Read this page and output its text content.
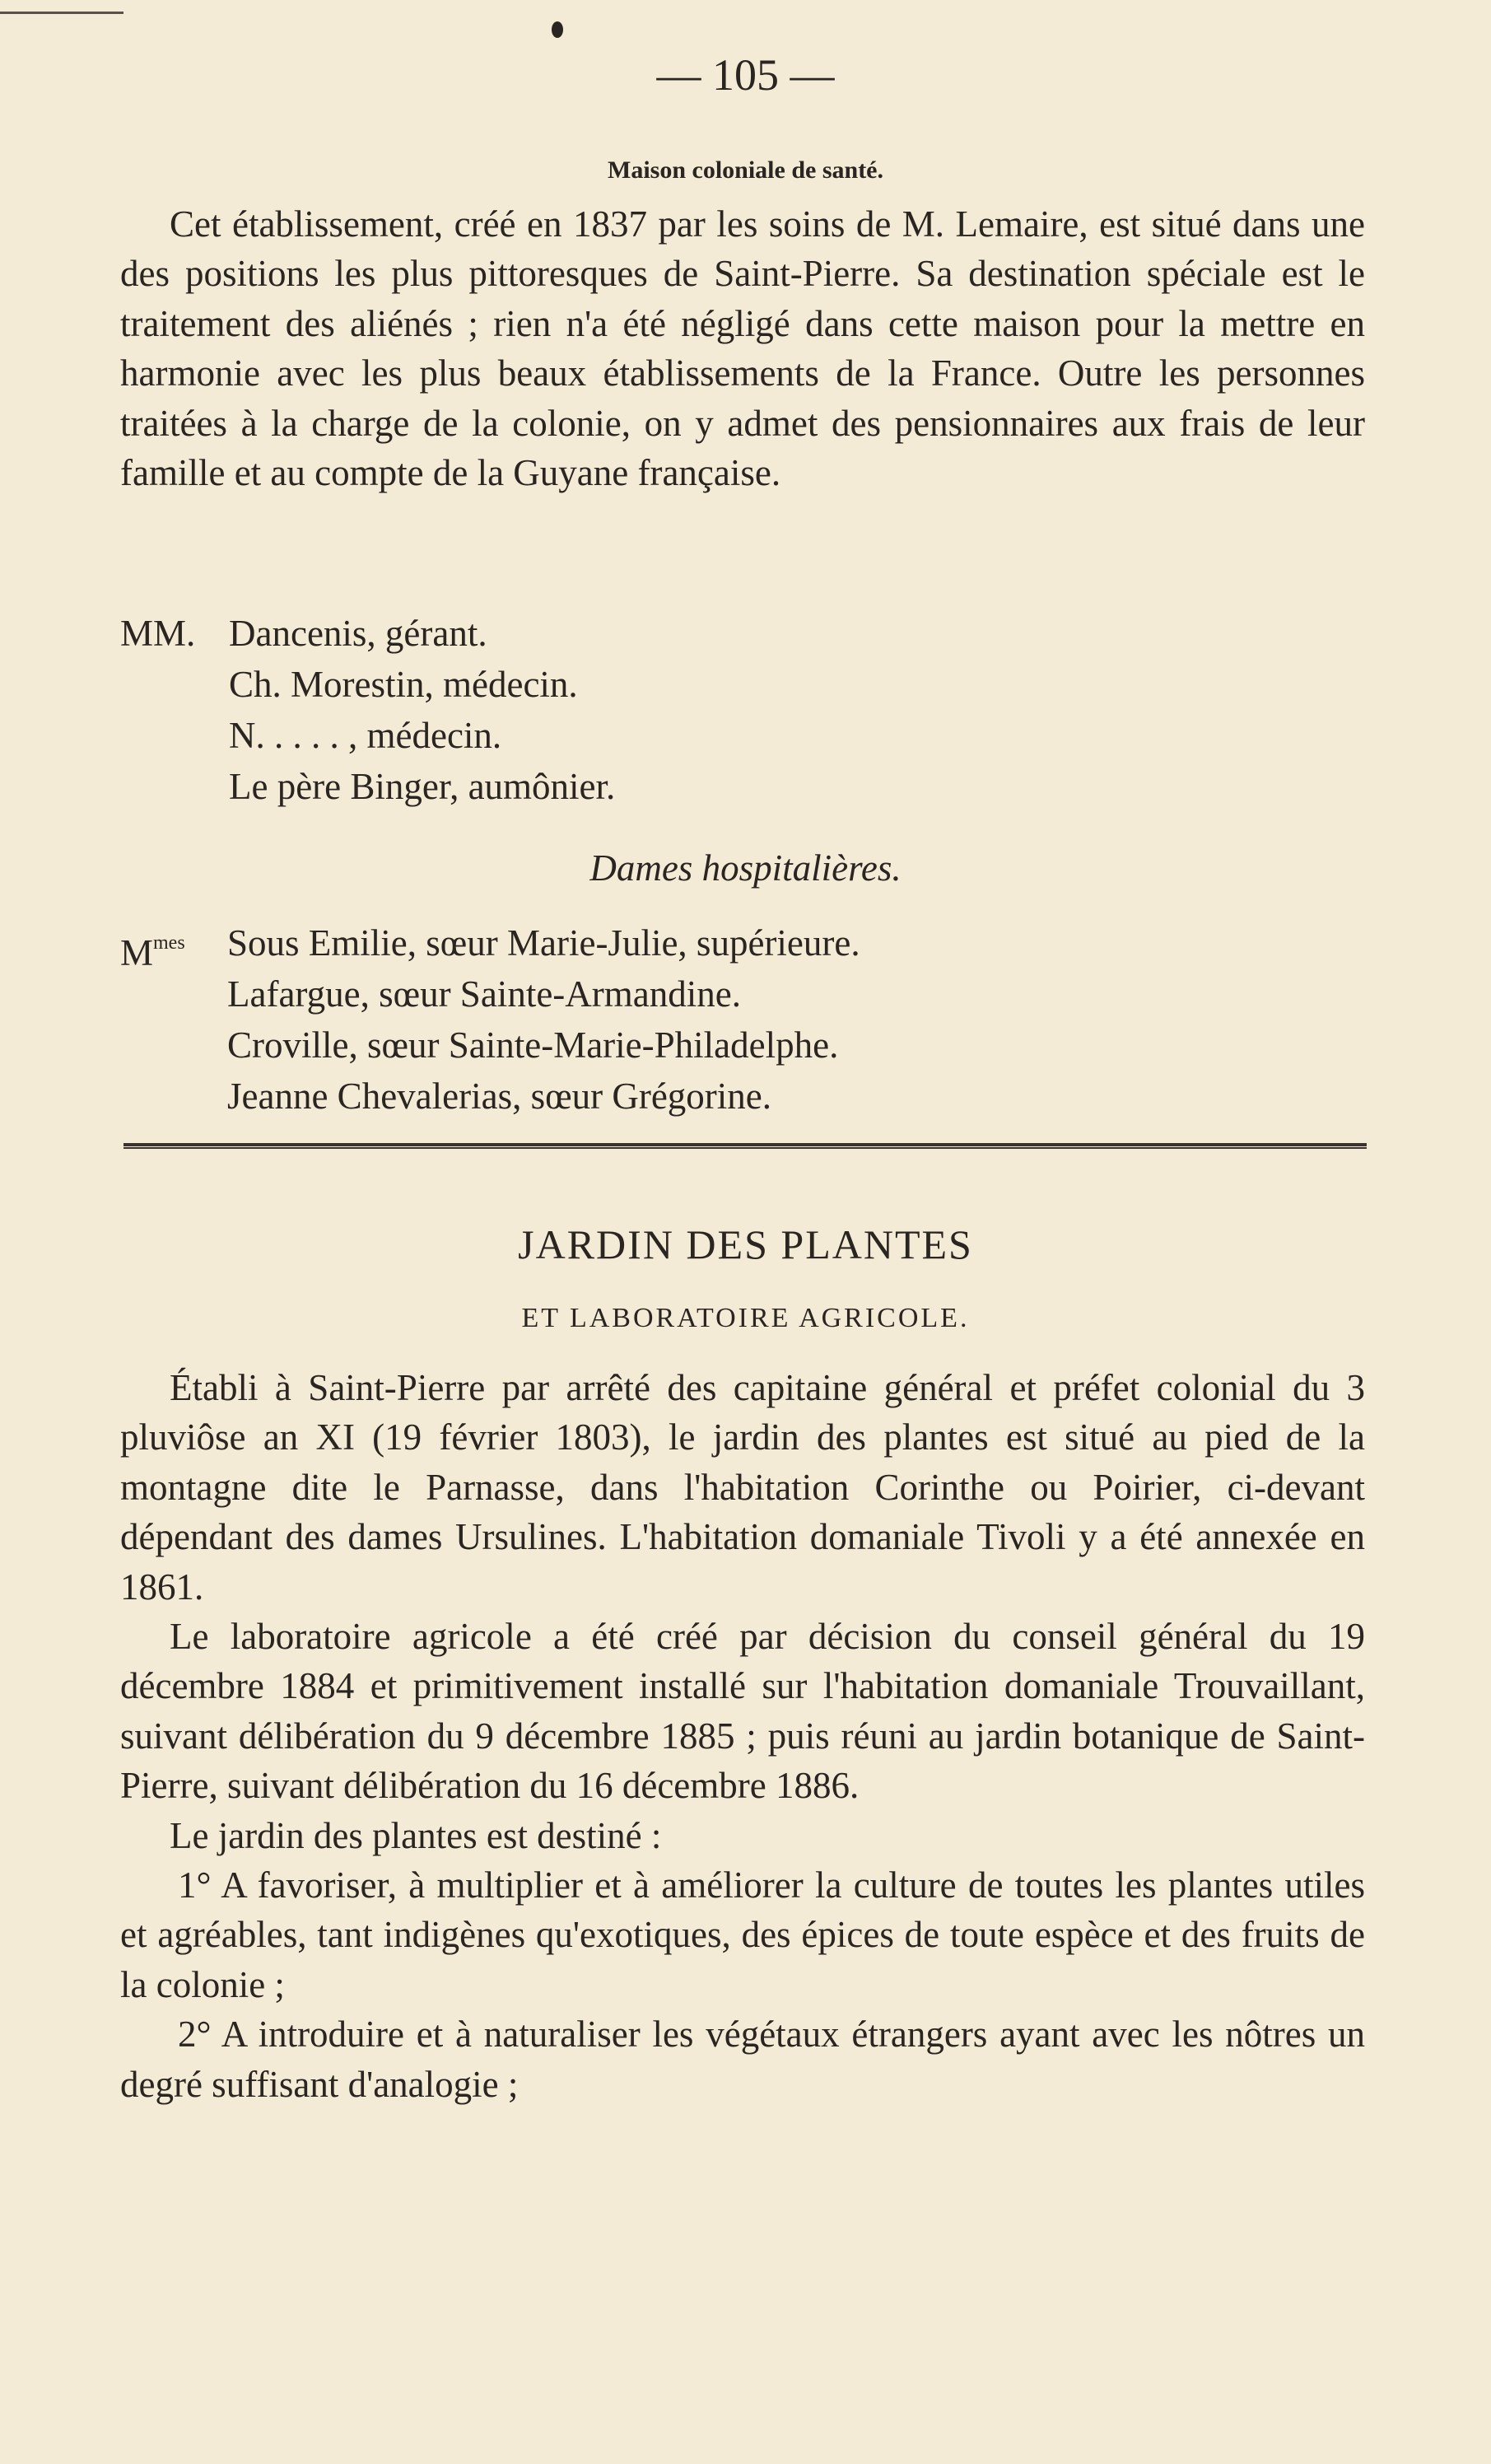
— 105 —
Maison coloniale de santé.

Cet établissement, créé en 1837 par les soins de M. Lemaire, est situé dans une des positions les plus pittoresques de Saint-Pierre. Sa destination spéciale est le traitement des aliénés ; rien n'a été négligé dans cette maison pour la mettre en harmonie avec les plus beaux établissements de la France. Outre les personnes traitées à la charge de la colonie, on y admet des pensionnaires aux frais de leur famille et au compte de la Guyane française.

MM. Dancenis, gérant.
Ch. Morestin, médecin.
N. . . . . , médecin.
Le père Binger, aumônier.
Dames hospitalières.
$M^{mes}$ Sous Emilie, sœur Marie-Julie, supérieure.
Lafargue, sœur Sainte-Armandine.
Croville, sœur Sainte-Marie-Philadelphe.
Jeanne Chevalerias, sœur Grégorine.
JARDIN DES PLANTES
ET LABORATOIRE AGRICOLE.

Établi à Saint-Pierre par arrêté des capitaine général et préfet colonial du 3 pluviôse an XI (19 février 1803), le jardin des plantes est situé au pied de la montagne dite le Parnasse, dans l'habitation Corinthe ou Poirier, ci-devant dépendant des dames Ursulines. L'habitation domaniale Tivoli y a été annexée en 1861.

Le laboratoire agricole a été créé par décision du conseil général du 19 décembre 1884 et primitivement installé sur l'habitation domaniale Trouvaillant, suivant délibération du 9 décembre 1885 ; puis réuni au jardin botanique de Saint-Pierre, suivant délibération du 16 décembre 1886.

Le jardin des plantes est destiné :

1° A favoriser, à multiplier et à améliorer la culture de toutes les plantes utiles et agréables, tant indigènes qu'exotiques, des épices de toute espèce et des fruits de la colonie ;

2° A introduire et à naturaliser les végétaux étrangers ayant avec les nôtres un degré suffisant d'analogie ;
